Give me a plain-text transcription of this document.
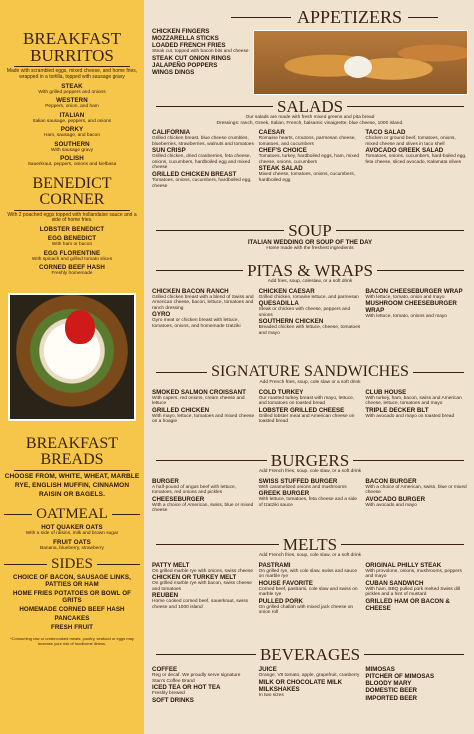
BREAKFAST
BURRITOS
Made with scrambled eggs, mixed cheese, and home fries, wrapped in a tortilla, topped with sausage gravy
STEAK
With grilled peppers and onions
WESTERN
Peppers, onion, and ham
ITALIAN
Italian sausage, peppers, and onions
PORKY
Ham, sausage, and bacon
SOUTHERN
With sausage gravy
POLISH
Sauerkraut, peppers, onions and kielbasa
BENEDICT
CORNER
With 2 poached eggs topped with hollandaise sauce and a side of home fries.
LOBSTER BENEDICT
EGG BENEDICT
With ham or bacon
EGG FLORENTINE
With spinach and grilled tomato slices
CORNED BEEF HASH
Freshly homemade
BREAKFAST
BREADS
CHOOSE FROM, WHITE, WHEAT, MARBLE RYE, ENGLISH MUFFIN, CINNAMON RAISIN OR BAGELS.
OATMEAL
HOT QUAKER OATS
With a side of raisins, milk and brown sugar
FRUIT OATS
Banana, blueberry, strawberry
SIDES
CHOICE OF BACON, SAUSAGE LINKS, PATTIES OR HAM
HOME FRIES POTATOES OR BOWL OF GRITS
HOMEMADE CORNED BEEF HASH
PANCAKES
FRESH FRUIT
*Consuming raw or undercooked meats, poultry, seafood or eggs may increase your risk of foodborne illness.
APPETIZERS
CHICKEN FINGERS
MOZZARELLA STICKS
LOADED FRENCH FRIES
Steak cut, topped with bacon bits and cheese
STEAK CUT ONION RINGS
JALAPEÑO POPPERS
WINGS DINGS
SALADS
Our salads are made with fresh mixed greens and pita bread
Dressings: ranch, Greek, Italian, French, balsamic vinaigrette, blue cheese, 1000 island.
CALIFORNIA
Grilled chicken breast, blue cheese crumbles, blueberries, strawberries, walnuts and tomatoes
SUN CRISP
Grilled chicken, dried cranberries, feta cheese, onions, cucumbers, hardboiled egg and mixed cheese
GRILLED CHICKEN BREAST
Tomatoes, onions, cucumbers, hardboiled egg, cheese
CAESAR
Romaine hearts, croutons, parmesan cheese, tomatoes, and cucumbers
CHEF'S CHOICE
Tomatoes, turkey, hardboiled eggs, ham, mixed cheese, onions, cucumbers
STEAK SALAD
Mixed cheese, tomatoes, onions, cucumbers, hardboiled egg
TACO SALAD
Chicken or ground beef, tomatoes, onions, mixed cheese and olives in taco shell
AVOCADO GREEK SALAD
Tomatoes, onions, cucumbers, hard-boiled egg, feta cheese, sliced avocado, Kalamata olives
SOUP
ITALIAN WEDDING OR SOUP OF THE DAY
Home made with the freshest ingredients
PITAS & WRAPS
Add fries, soup, coleslaw, or a soft drink
CHICKEN BACON RANCH
Grilled chicken breast with a blend of Swiss and American cheese, bacon, lettuce, tomatoes and ranch dressing
GYRO
Gyro meat or chicken breast with lettuce, tomatoes, onions, and homemade tzatziki
CHICKEN CAESAR
Grilled chicken, romaine lettuce, and parmesan
QUESADILLA
Steak or chicken with cheese, peppers and onions
SOUTHERN CHICKEN
Breaded chicken with lettuce, cheese, tomatoes and mayo
BACON CHEESEBURGER WRAP
With lettuce, tomato, onion and mayo
MUSHROOM CHEESEBURGER WRAP
With lettuce, tomato, onions and mayo
SIGNATURE SANDWICHES
Add French fries, soup, cole slaw or a soft drink
SMOKED SALMON CROISSANT
With capers, red onions, cream cheese and lettuce
GRILLED CHICKEN
With mayo, lettuce, tomatoes and mixed cheese on a hoagie
COLD TURKEY
Our roasted turkey breast with mayo, lettuce, and tomatoes on toasted bread
LOBSTER GRILLED CHEESE
Grilled lobster meat and American cheese on toasted bread
CLUB HOUSE
With turkey, ham, bacon, swiss and American cheese, lettuce, tomatoes and mayo
TRIPLE DECKER BLT
With avocado and mayo on toasted bread
BURGERS
Add French fries, soup, cole slaw, or a soft drink
BURGER
A half-pound of angus beef with lettuce, tomatoes, red onions and pickles
CHEESEBURGER
With a choice of American, swiss, blue or mixed cheese
SWISS STUFFED BURGER
With caramelized onions and mushrooms
GREEK BURGER
With lettuce, tomatoes, feta cheese and a side of tzatziki sauce
BACON BURGER
With a choice of American, swiss, blue or mixed cheese
AVOCADO BURGER
With avocado and mayo
MELTS
Add French fries, soup, cole slaw, or a soft drink
PATTY MELT
On grilled marble rye with onions, swiss cheese
CHICKEN OR TURKEY MELT
On grilled marble rye with bacon, swiss cheese and tomatoes
REUBEN
Home cooked corned beef, sauerkraut, swiss cheese and 1000 island
PASTRAMI
On grilled rye, with cole slaw, swiss and sauce on marble rye
HOUSE FAVORITE
Corned beef, pastrami, cole slaw and swiss on marble rye
PULLED PORK
On grilled challah with mixed jack cheese on onion roll
ORIGINAL PHILLY STEAK
With provolone, onions, mushrooms, peppers and mayo
CUBAN SANDWICH
With ham, BBQ pulled pork melted Swiss dill pickles and a hint of mustard
GRILLED HAM OR BACON & CHEESE
BEVERAGES
COFFEE
Reg or decaf. We proudly serve signature Stan's Coffee Brand
ICED TEA OR HOT TEA
Freshly brewed
SOFT DRINKS
JUICE
Orange, V8 tomato, apple, grapefruit, cranberry
MILK OR CHOCOLATE MILK
MILKSHAKES
In two sizes
MIMOSAS
PITCHER OF MIMOSAS
BLOODY MARY
DOMESTIC BEER
IMPORTED BEER
